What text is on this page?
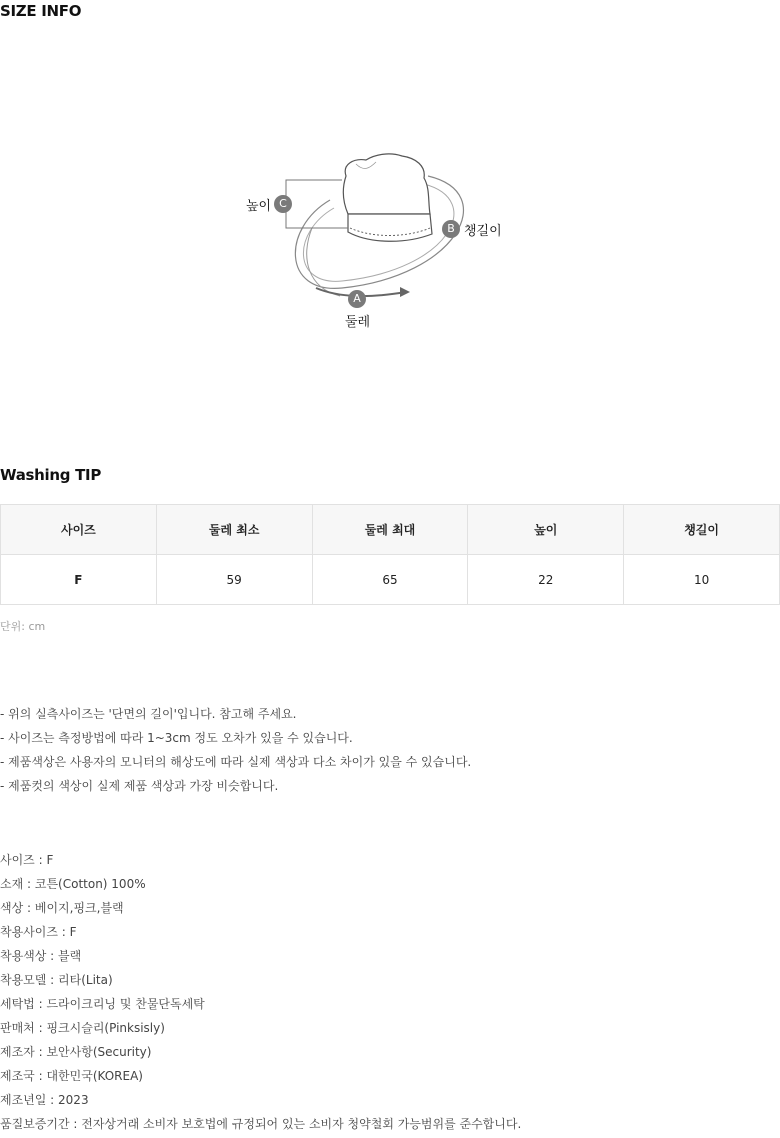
SIZE INFO
높이 C
B 챙길이
A
둘레
Washing TIP
사이즈	둘레 최소	둘레 최대	높이	챙길이
F	59	65	22	10
단위: cm
- 위의 실측사이즈는 '단면의 길이'입니다. 참고해 주세요.
- 사이즈는 측정방법에 따라 1~3cm 정도 오차가 있을 수 있습니다.
- 제품색상은 사용자의 모니터의 해상도에 따라 실제 색상과 다소 차이가 있을 수 있습니다.
- 제품컷의 색상이 실제 제품 색상과 가장 비슷합니다.
사이즈 : F
소재 : 코튼(Cotton) 100%
색상 : 베이지,핑크,블랙
착용사이즈 : F
착용색상 : 블랙
착용모델 : 리타(Lita)
세탁법 : 드라이크리닝 및 찬물단독세탁
판매처 : 핑크시슬리(Pinksisly)
제조자 : 보안사항(Security)
제조국 : 대한민국(KOREA)
제조년일 : 2023
품질보증기간 : 전자상거래 소비자 보호법에 규정되어 있는 소비자 청약철회 가능범위를 준수합니다.
